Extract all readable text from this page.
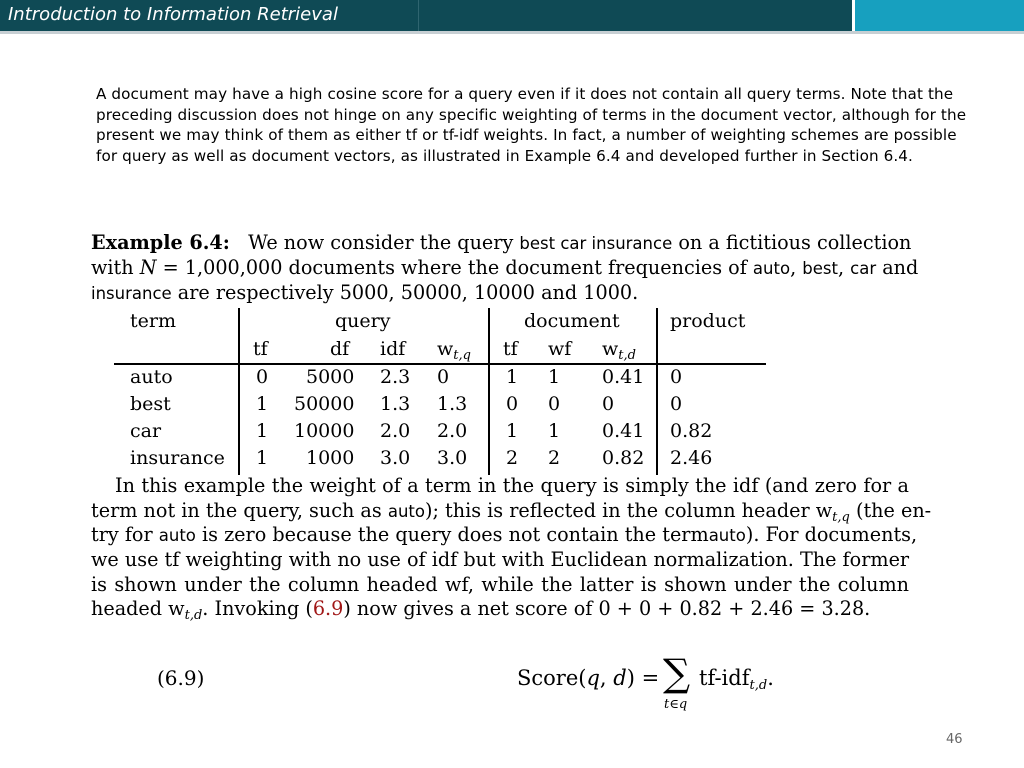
Introduction to Information Retrieval
A document may have a high cosine score for a query even if it does not contain all query terms. Note that the preceding discussion does not hinge on any specific weighting of terms in the document vector, although for the present we may think of them as either tf or tf-idf weights. In fact, a number of weighting schemes are possible for query as well as document vectors, as illustrated in Example 6.4 and developed further in Section 6.4.
Example 6.4: We now consider the query best car insurance on a fictitious collection
with N = 1,000,000 documents where the document frequencies of auto, best, car and
insurance are respectively 5000, 50000, 10000 and 1000.
term	query	document	product
tf	df idf $w_{t,q}$ tf wf $w_{t,d}$
auto	0 5000 2.3 0	1 1 0.41 0
best	1 50000 1.3 1.3 0 0 0	0
car	1 10000 2.0 2.0 1 1 0.41 0.82
insurance 1 1000 3.0 3.0 2 2 0.82 2.46
In this example the weight of a term in the query is simply the idf (and zero for a
term not in the query, such as auto); this is reflected in the column header $w_{t,q}$ (the en-
try for auto is zero because the query does not contain the termauto). For documents,
we use tf weighting with no use of idf but with Euclidean normalization. The former
is shown under the column headed wf, while the latter is shown under the column
headed $w_{t,d}$. Invoking (6.9) now gives a net score of 0 + 0 + 0.82 + 2.46 = 3.28.
(6.9)	Score(q, d) = ∑
t∈q
tf-idf$_{t,d}$.
46
